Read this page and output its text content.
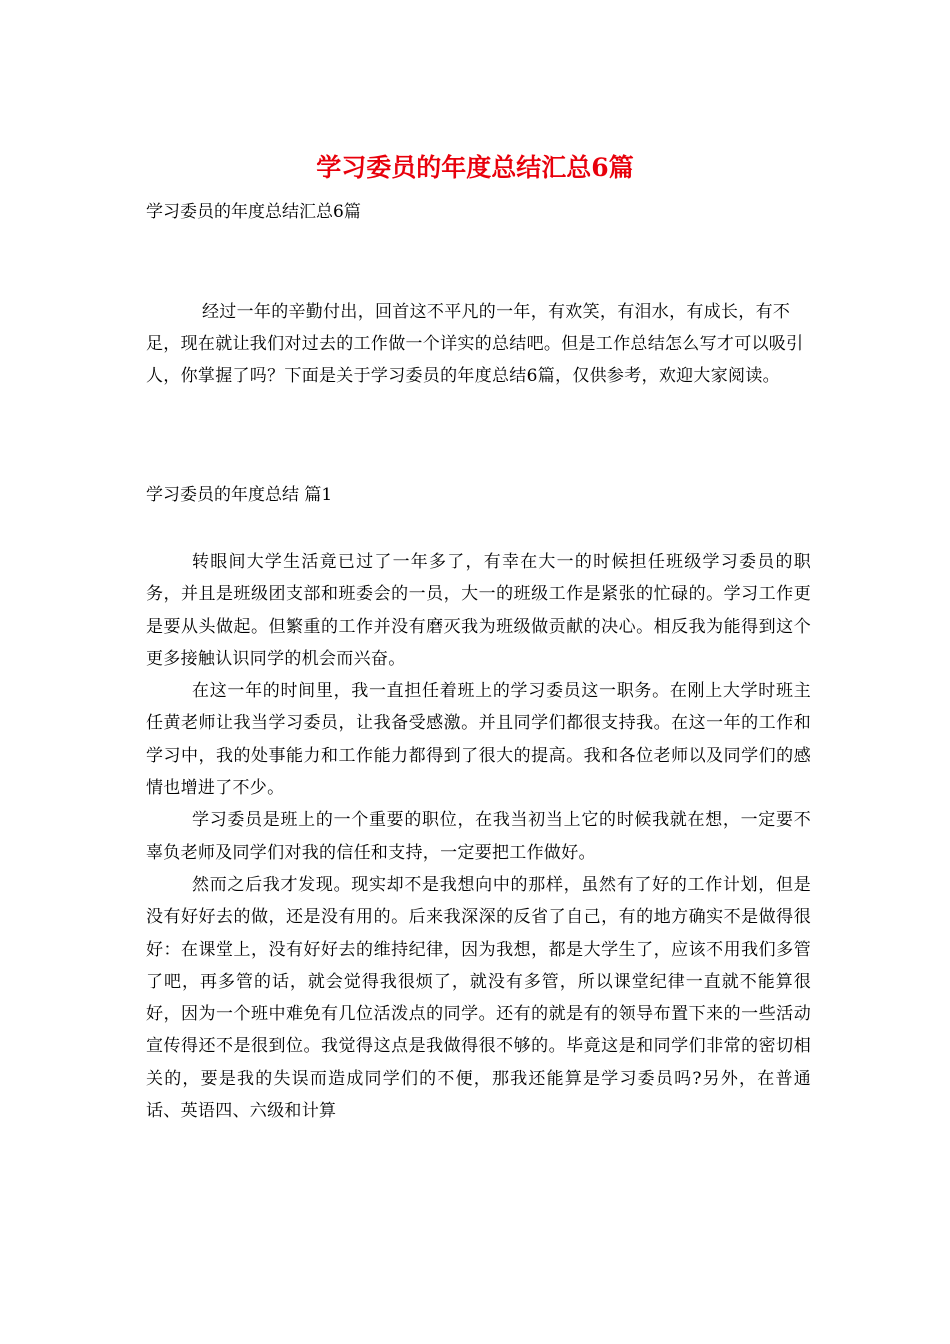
学习委员的年度总结汇总6篇

学习委员的年度总结汇总6篇

经过一年的辛勤付出，回首这不平凡的一年，有欢笑，有泪水，有成长，有不足，现在就让我们对过去的工作做一个详实的总结吧。但是工作总结怎么写才可以吸引人，你掌握了吗？下面是关于学习委员的年度总结6篇，仅供参考，欢迎大家阅读。

学习委员的年度总结 篇1

转眼间大学生活竟已过了一年多了，有幸在大一的时候担任班级学习委员的职务，并且是班级团支部和班委会的一员，大一的班级工作是紧张的忙碌的。学习工作更是要从头做起。但繁重的工作并没有磨灭我为班级做贡献的决心。相反我为能得到这个更多接触认识同学的机会而兴奋。

在这一年的时间里，我一直担任着班上的学习委员这一职务。在刚上大学时班主任黄老师让我当学习委员，让我备受感激。并且同学们都很支持我。在这一年的工作和学习中，我的处事能力和工作能力都得到了很大的提高。我和各位老师以及同学们的感情也增进了不少。

学习委员是班上的一个重要的职位，在我当初当上它的时候我就在想，一定要不辜负老师及同学们对我的信任和支持，一定要把工作做好。

然而之后我才发现。现实却不是我想向中的那样，虽然有了好的工作计划，但是没有好好去的做，还是没有用的。后来我深深的反省了自己，有的地方确实不是做得很好：在课堂上，没有好好去的维持纪律，因为我想，都是大学生了，应该不用我们多管了吧，再多管的话，就会觉得我很烦了，就没有多管，所以课堂纪律一直就不能算很好，因为一个班中难免有几位活泼点的同学。还有的就是有的领导布置下来的一些活动宣传得还不是很到位。我觉得这点是我做得很不够的。毕竟这是和同学们非常的密切相关的，要是我的失误而造成同学们的不便，那我还能算是学习委员吗?另外，在普通话、英语四、六级和计算
